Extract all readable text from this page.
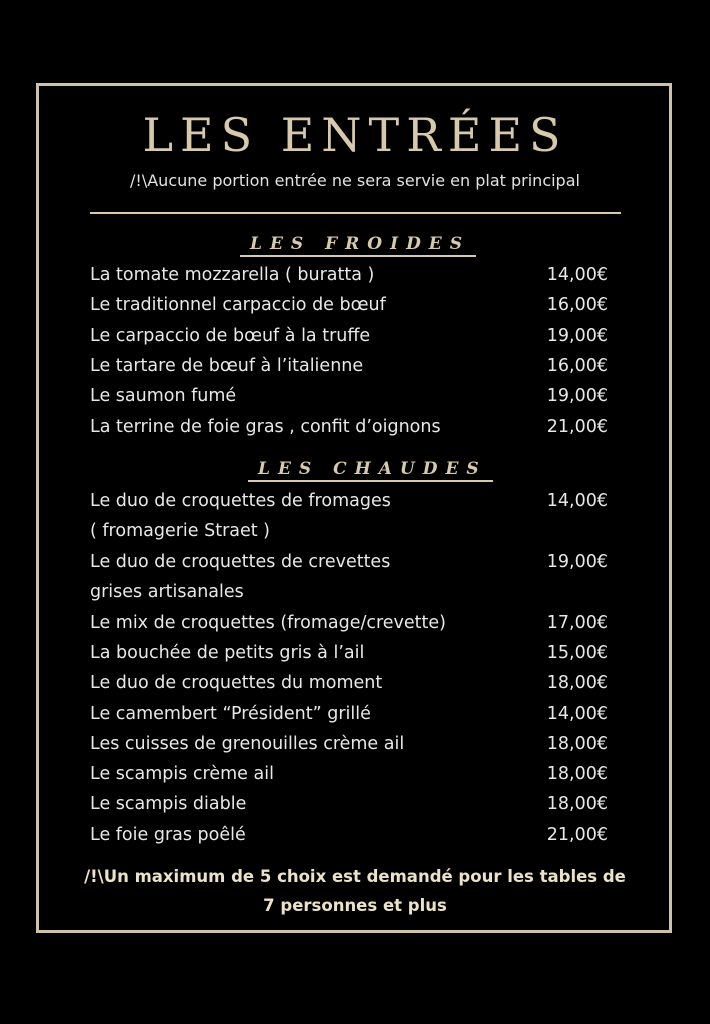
LES ENTRÉES
/!\Aucune portion entrée ne sera servie en plat principal
LES FROIDES
La tomate mozzarella ( buratta )	14,00€
Le traditionnel carpaccio de bœuf	16,00€
Le carpaccio de bœuf à la truffe	19,00€
Le tartare de bœuf à l’italienne	16,00€
Le saumon fumé	19,00€
La terrine de foie gras , confit d’oignons	21,00€
LES CHAUDES
Le duo de croquettes de fromages
( fromagerie Straet )
14,00€
Le duo de croquettes de crevettes
grises artisanales
19,00€
Le mix de croquettes (fromage/crevette)	17,00€
La bouchée de petits gris à l’ail	15,00€
Le duo de croquettes du moment	18,00€
Le camembert “Président” grillé	14,00€
Les cuisses de grenouilles crème ail	18,00€
Le scampis crème ail	18,00€
Le scampis diable	18,00€
Le foie gras poêlé	21,00€
/!\Un maximum de 5 choix est demandé pour les tables de
7 personnes et plus
